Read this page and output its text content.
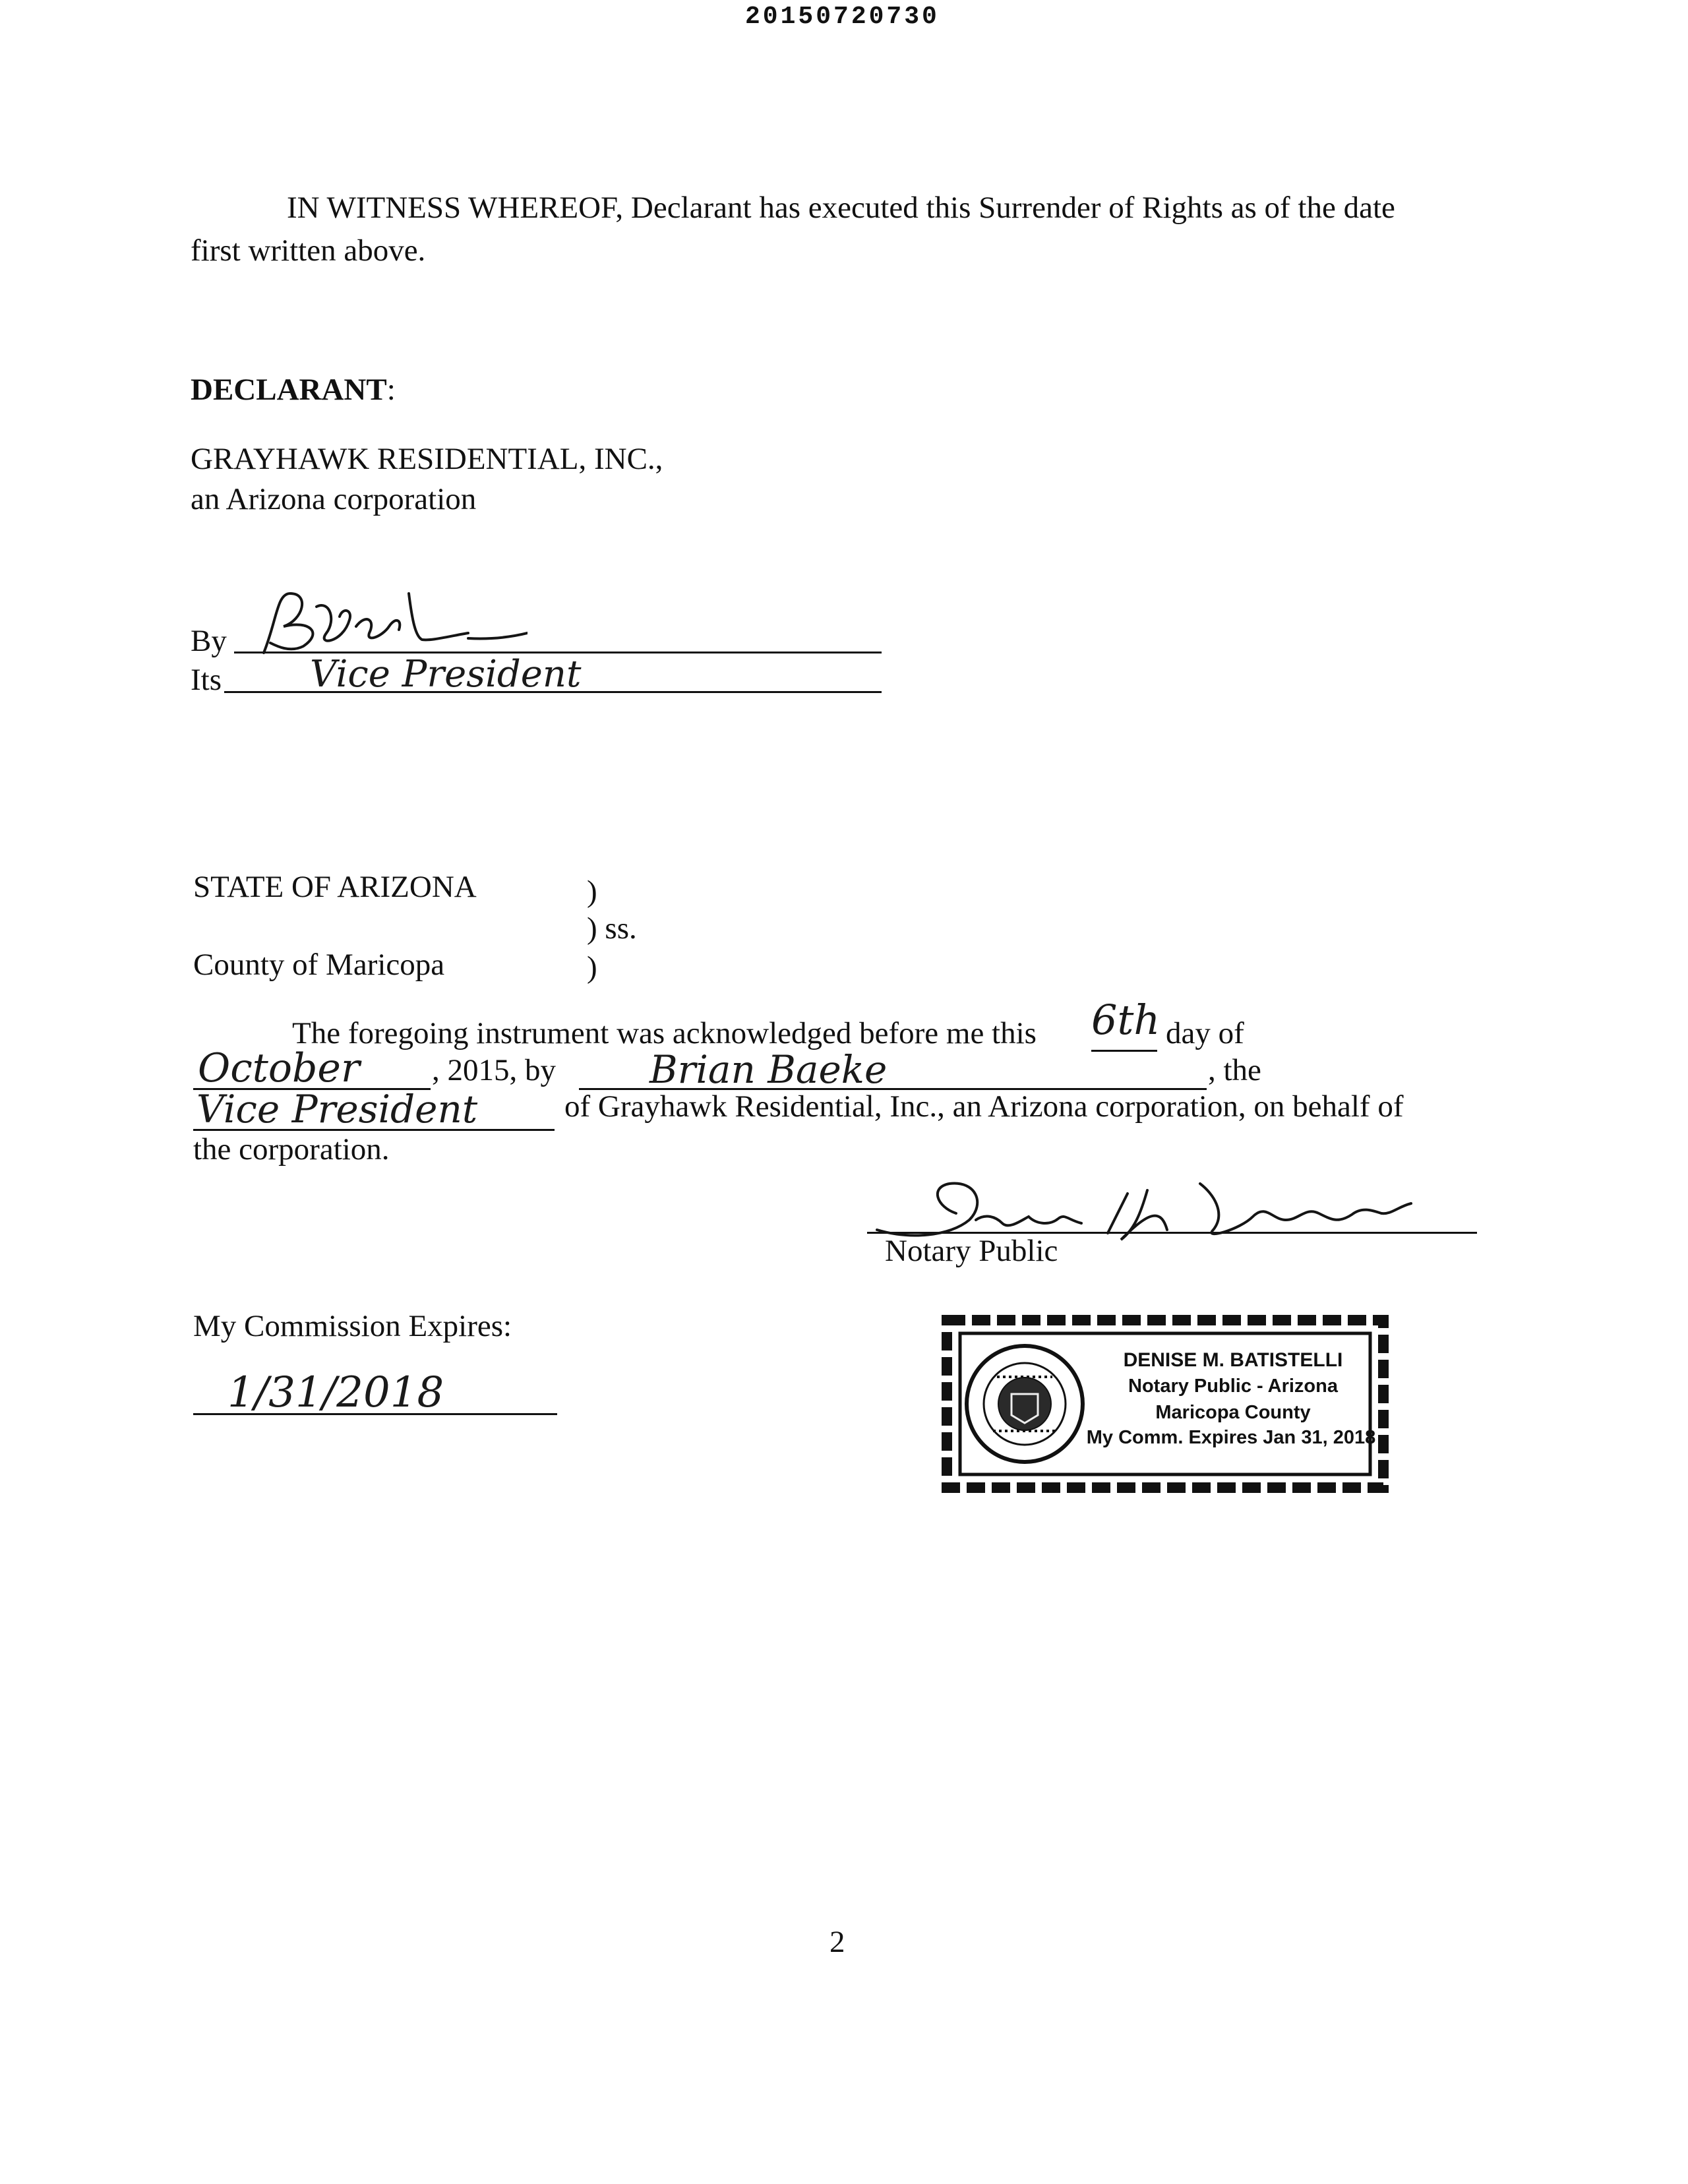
20150720730
IN WITNESS WHEREOF, Declarant has executed this Surrender of Rights as of the date
first written above.
DECLARANT:
GRAYHAWK RESIDENTIAL, INC.,
an Arizona corporation
By
Its Vice President
STATE OF ARIZONA	)
) ss.
County of Maricopa	)
The foregoing instrument was acknowledged before me this 6th day of
October , 2015, by Brian Baeke	, the
Vice President	of Grayhawk Residential, Inc., an Arizona corporation, on behalf of
the corporation.
Notary Public
My Commission Expires:
1/31/2018
DENISE M. BATISTELLI
Notary Public - Arizona
Maricopa County
My Comm. Expires Jan 31, 2018
2
